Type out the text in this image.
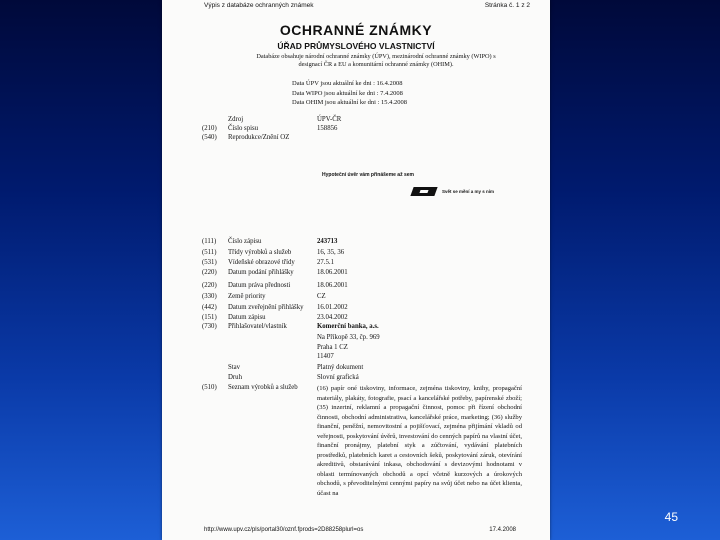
Výpis z databáze ochranných známek	Stránka č. 1 z 2
OCHRANNÉ ZNÁMKY
ÚŘAD PRŮMYSLOVÉHO VLASTNICTVÍ
Databáze obsahuje národní ochranné známky (ÚPV), mezinárodní ochranné známky (WIPO) s
designací ČR a EU a komunitární ochranné známky (OHIM).
Data ÚPV jsou aktuální ke dni : 16.4.2008
Data WIPO jsou aktuální ke dni : 7.4.2008
Data OHIM jsou aktuální ke dni : 15.4.2008
Zdroj	ÚPV-ČR
(210) Číslo spisu	158856
(540) Reprodukce/Znění OZ
Hypoteční úvěr vám přinášeme až sem
Svět se mění a my s ním
(111) Číslo zápisu	243713
(511) Třídy výrobků a služeb	16, 35, 36
(531) Vídeňské obrazové třídy	27.5.1
(220) Datum podání přihlášky	18.06.2001
(220) Datum práva přednosti	18.06.2001
(330) Země priority	CZ
(442) Datum zveřejnění přihlášky 16.01.2002
(151) Datum zápisu	23.04.2002
(730) Přihlašovatel/vlastník	Komerční banka, a.s.
Na Příkopě 33, čp. 969
Praha 1 CZ
11407
Stav	Platný dokument
Druh	Slovní grafická
(510) Seznam výrobků a služeb	(16) papír oné tiskoviny, informace, zejména tiskoviny, knihy, propagační materiály, plakáty, fotografie, psací a kancelářské potřeby, papírenské zboží; (35) inzertní, reklamní a propagační činnost, pomoc při řízení obchodní činnosti, obchodní administrativa, kancelářské práce, marketing; (36) služby finanční, peněžní, nemovitostní a pojišťovací, zejména přijímání vkladů od veřejnosti, poskytování úvěrů, investování do cenných papírů na vlastní účet, finanční pronájmy, platební styk a zúčtování, vydávání platebních prostředků, platebních karet a cestovních šeků, poskytování záruk, otevírání akreditivů, obstarávání inkasa, obchodování s devizovými hodnotami v oblasti termínovaných obchodů a opcí včetně kurzových a úrokových obchodů, s převoditelnými cennými papíry na svůj účet nebo na účet klienta, účast na
http://www.upv.cz/pls/portal30/oznf.fprods=2D88258plurl=os	17.4.2008
45
